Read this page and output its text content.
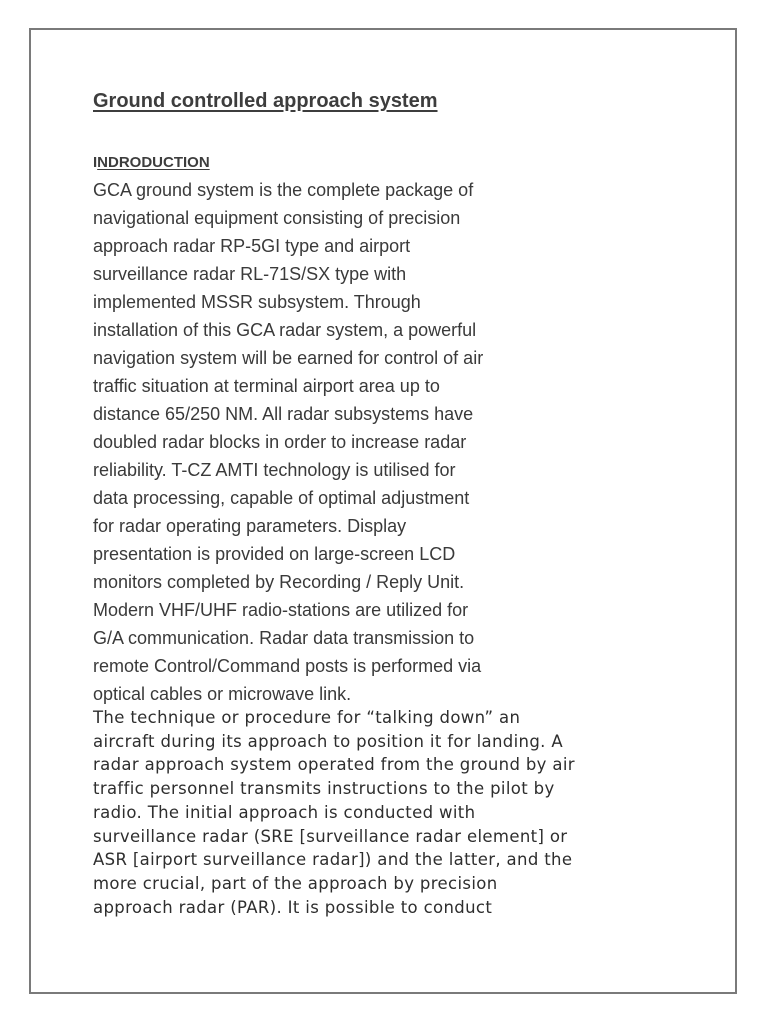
Ground controlled approach system
INDRODUCTION
GCA ground system is the complete package of
navigational equipment consisting of precision
approach radar RP-5GI type and airport
surveillance radar RL-71S/SX type with
implemented MSSR subsystem. Through
installation of this GCA radar system, a powerful
navigation system will be earned for control of air
traffic situation at terminal airport area up to
distance 65/250 NM. All radar subsystems have
doubled radar blocks in order to increase radar
reliability. T-CZ AMTI technology is utilised for
data processing, capable of optimal adjustment
for radar operating parameters. Display
presentation is provided on large-screen LCD
monitors completed by Recording / Reply Unit.
Modern VHF/UHF radio-stations are utilized for
G/A communication. Radar data transmission to
remote Control/Command posts is performed via
optical cables or microwave link.
The technique or procedure for “talking down” an
aircraft during its approach to position it for landing. A
radar approach system operated from the ground by air
traffic personnel transmits instructions to the pilot by
radio. The initial approach is conducted with
surveillance radar (SRE [surveillance radar element] or
ASR [airport surveillance radar]) and the latter, and the
more crucial, part of the approach by precision
approach radar (PAR). It is possible to conduct
